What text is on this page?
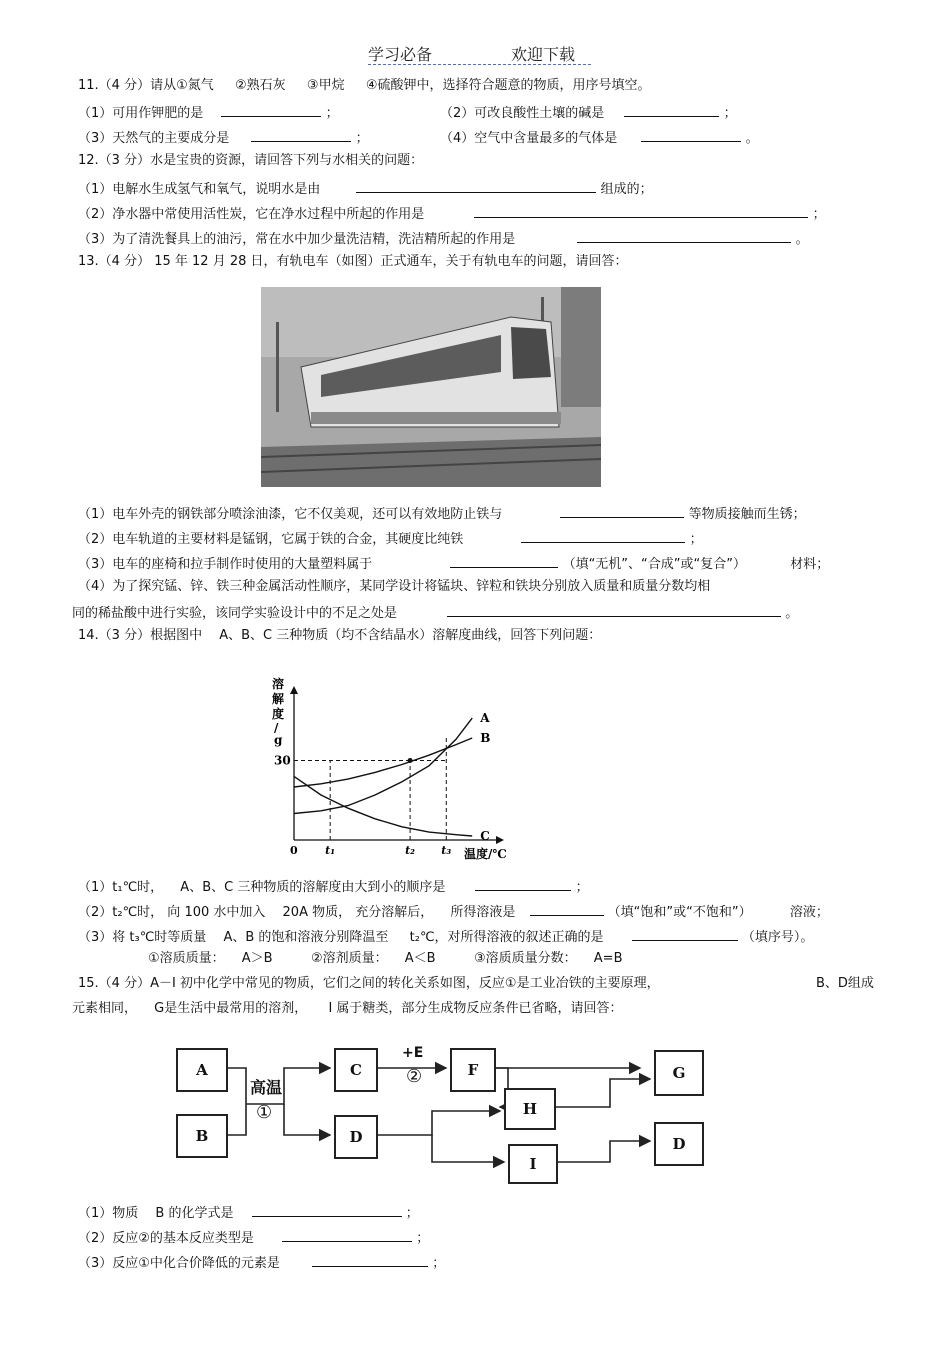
学习必备	欢迎下载
11.（4 分）请从①氮气 　 ②熟石灰 　 ③甲烷 　 ④硫酸钾中，选择符合题意的物质，用序号填空。
（1）可用作钾肥的是	；	（2）可改良酸性土壤的碱是	；
（3）天然气的主要成分是	；	（4）空气中含量最多的气体是	。
12.（3 分）水是宝贵的资源，请回答下列与水相关的问题：
（1）电解水生成氢气和氧气，说明水是由	组成的；
（2）净水器中常使用活性炭，它在净水过程中所起的作用是	；
（3）为了清洗餐具上的油污，常在水中加少量洗洁精，洗洁精所起的作用是	。
13.（4 分） 15 年 12 月 28 日，有轨电车（如图）正式通车，关于有轨电车的问题，请回答：
（1）电车外壳的钢铁部分喷涂油漆，它不仅美观，还可以有效地防止铁与	等物质接触而生锈；
（2）电车轨道的主要材料是锰钢，它属于铁的合金，其硬度比纯铁	；
（3）电车的座椅和拉手制作时使用的大量塑料属于	（填“无机”、“合成”或“复合”）	材料；
（4）为了探究锰、锌、铁三种金属活动性顺序，某同学设计将锰块、锌粒和铁块分别放入质量和质量分数均相
同的稀盐酸中进行实验，该同学实验设计中的不足之处是	。
14.（3 分）根据图中 　A、B、C 三种物质（均不含结晶水）溶解度曲线，回答下列问题：
溶 解 度 / g
温度/℃
A
B
C
30
0	t₁	t₂ t₃
（1）t₁℃时， 　A、B、C 三种物质的溶解度由大到小的顺序是	；
（2）t₂℃时， 向 100 水中加入 　20A 物质， 充分溶解后， 　所得溶液是	（填“饱和”或“不饱和”）	溶液；
（3）将 t₃℃时等质量 　A、B 的饱和溶液分别降温至 　 t₂℃，对所得溶液的叙述正确的是	（填序号）。
①溶质质量： 　A＞B 　 　 ②溶剂质量： 　A＜B 　 　 ③溶质质量分数： 　A=B
15.（4 分）A－I 初中化学中常见的物质，它们之间的转化关系如图，反应①是工业冶铁的主要原理，	B、D组成
元素相同， 　G是生活中最常用的溶剂， 　 I 属于糖类，部分生成物反应条件已省略，请回答：
A
B
C
D
F	G
H
I
D
高温
①
+E
②
（1）物质 　B 的化学式是	；
（2）反应②的基本反应类型是	；
（3）反应①中化合价降低的元素是	；
